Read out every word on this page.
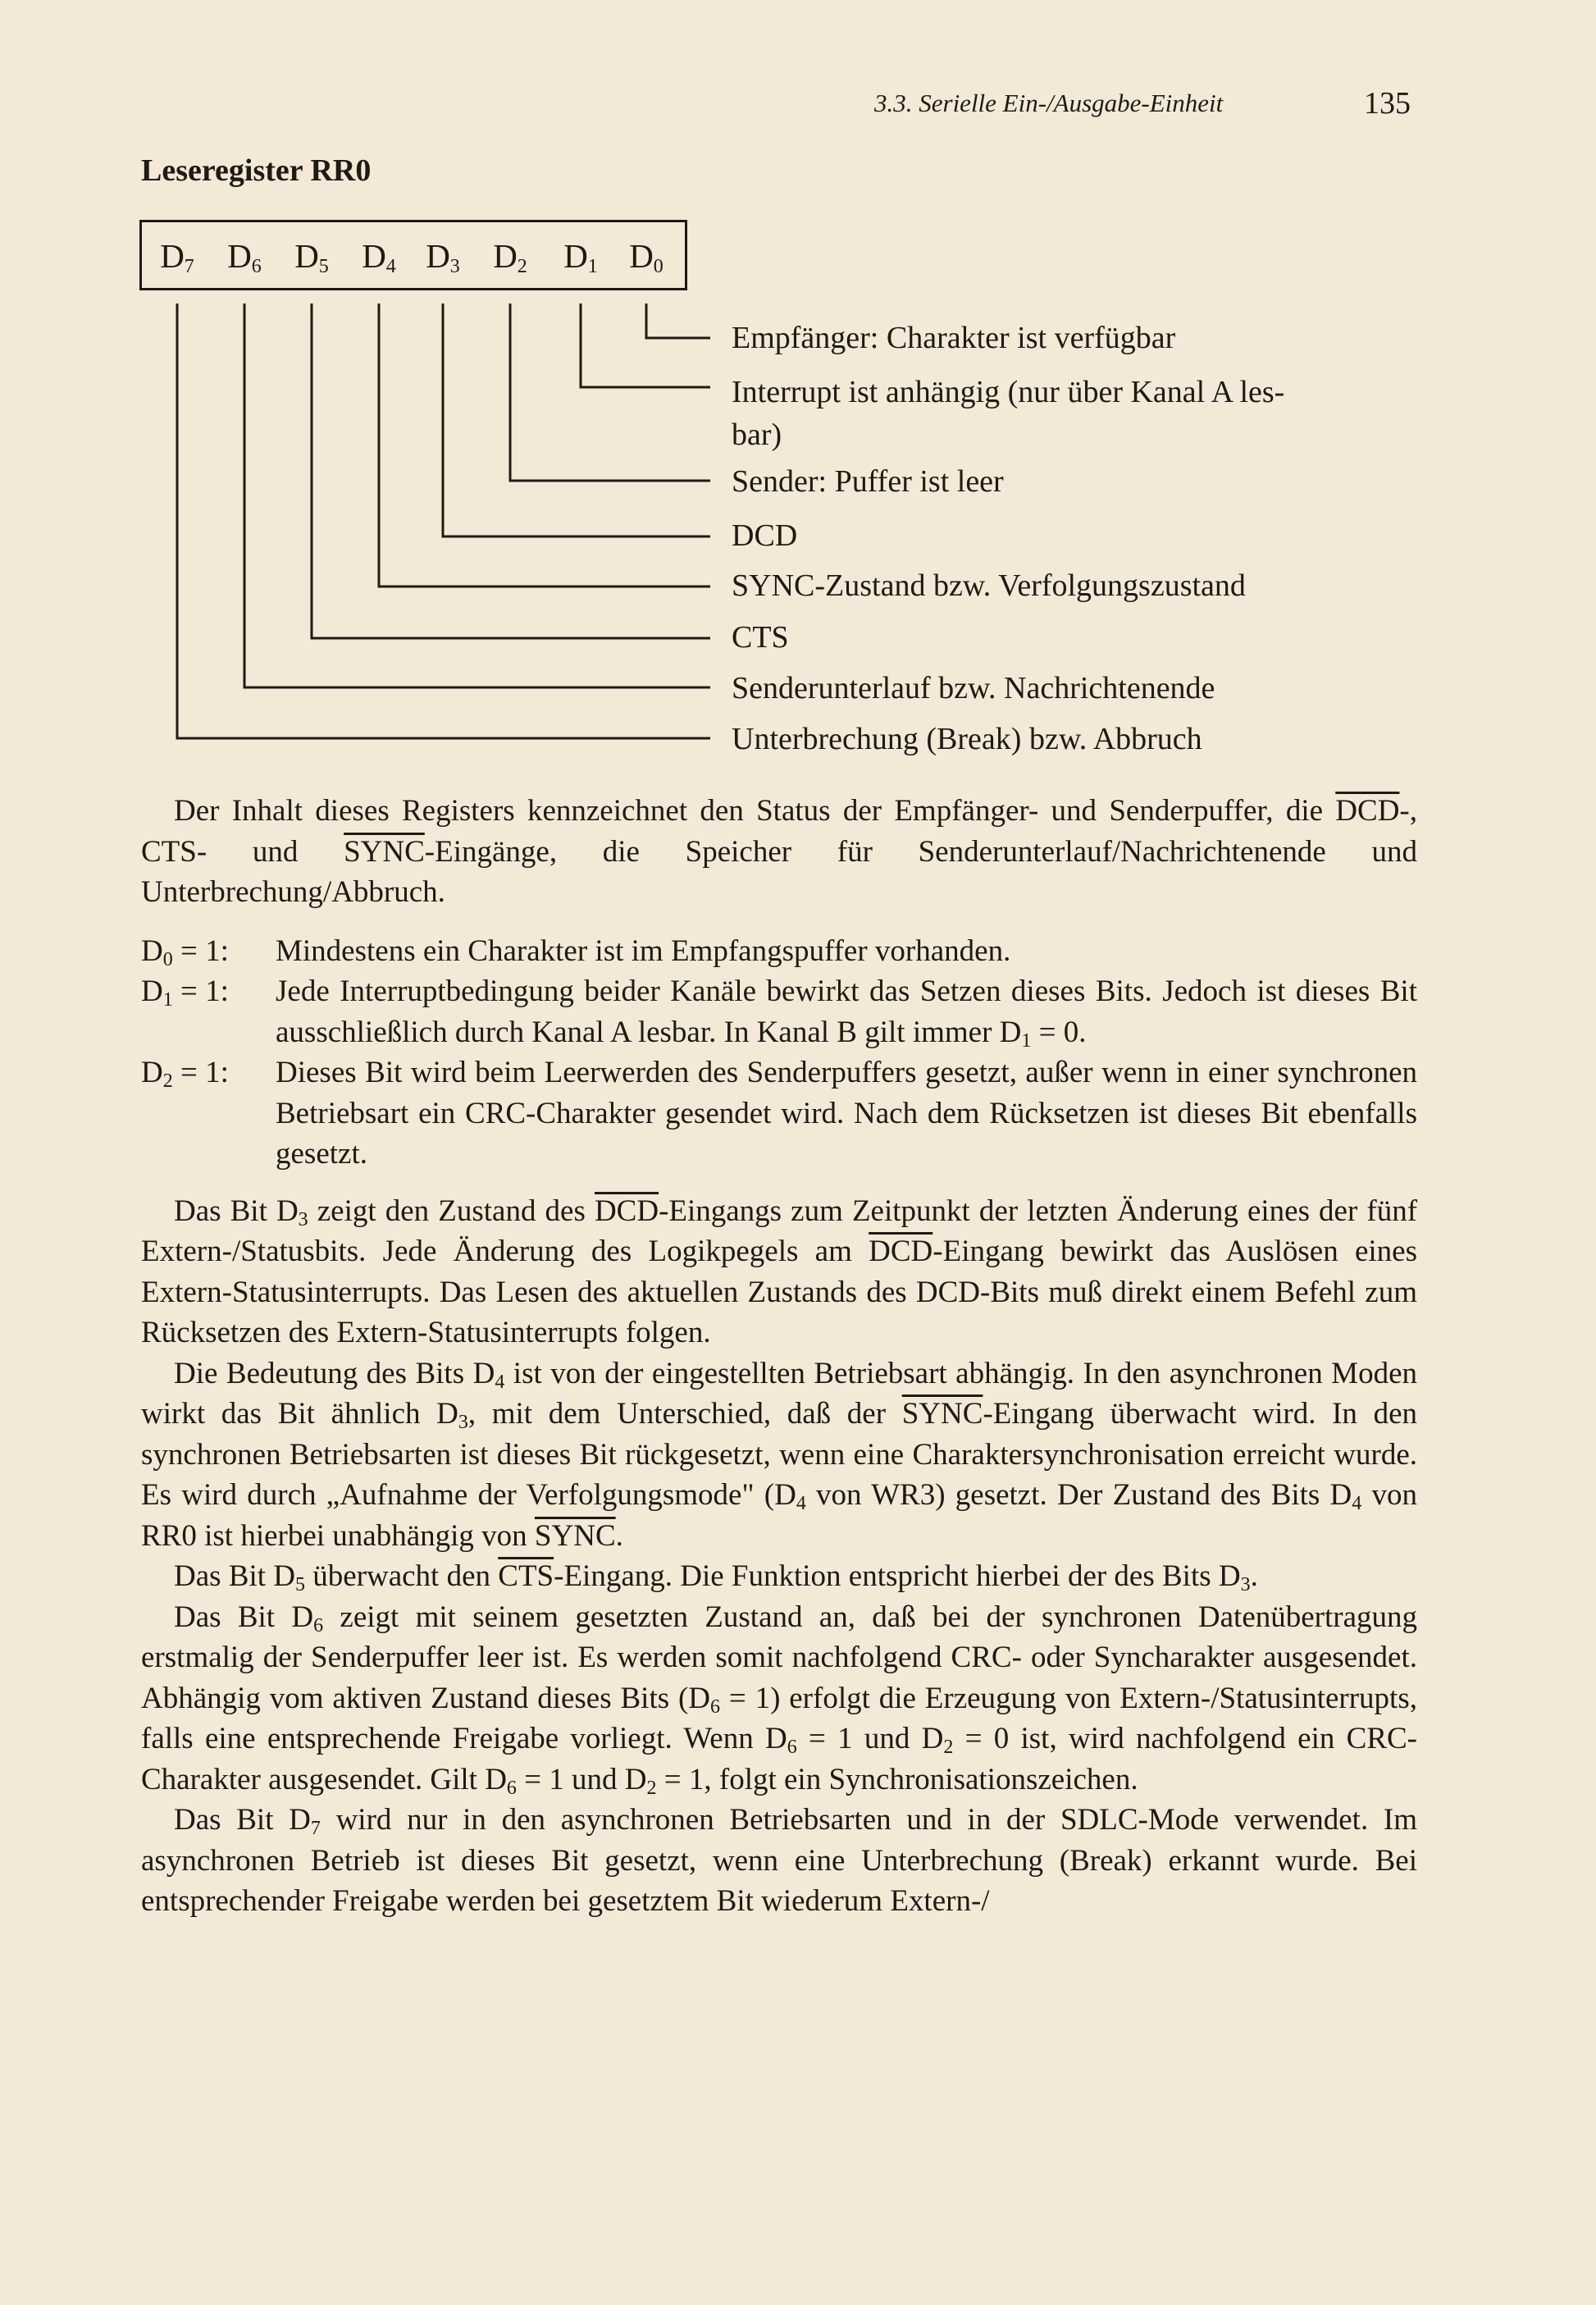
3.3. Serielle Ein-/Ausgabe-Einheit	135
Leseregister RR0
$D_7$ $D_6$ $D_5$ $D_4$ $D_3$ $D_2$ $D_1$ $D_0$
Empfänger: Charakter ist verfügbar
Interrupt ist anhängig (nur über Kanal A les-
bar)
Sender: Puffer ist leer
DCD
SYNC-Zustand bzw. Verfolgungszustand
CTS
Senderunterlauf bzw. Nachrichtenende
Unterbrechung (Break) bzw. Abbruch

Der Inhalt dieses Registers kennzeichnet den Status der Empfänger- und Senderpuffer, die $\overline{DCD}-$, CTS- und SYNC-Eingänge, die Speicher für Senderunterlauf/Nachrichtenende und Unterbrechung/Abbruch.

D0 = 1:	Mindestens ein Charakter ist im Empfangspuffer vorhanden.
D1 = 1:	Jede Interruptbedingung beider Kanäle bewirkt das Setzen dieses Bits. Jedoch ist dieses Bit ausschließlich durch Kanal A lesbar. In Kanal B gilt immer D1 = 0.
D2 = 1:	Dieses Bit wird beim Leerwerden des Senderpuffers gesetzt, außer wenn in einer synchronen Betriebsart ein CRC-Charakter gesendet wird. Nach dem Rücksetzen ist dieses Bit ebenfalls gesetzt.

Das Bit D3 zeigt den Zustand des $\overline{DCD}$-Eingangs zum Zeitpunkt der letzten Änderung eines der fünf Extern-/Statusbits. Jede Änderung des Logikpegels am $\overline{DCD}$-Eingang bewirkt das Auslösen eines Extern-Statusinterrupts. Das Lesen des aktuellen Zustands des DCD-Bits muß direkt einem Befehl zum Rücksetzen des Extern-Statusinterrupts folgen.

Die Bedeutung des Bits D4 ist von der eingestellten Betriebsart abhängig. In den asynchronen Moden wirkt das Bit ähnlich D3, mit dem Unterschied, daß der SYNC-Eingang überwacht wird. In den synchronen Betriebsarten ist dieses Bit rückgesetzt, wenn eine Charaktersynchronisation erreicht wurde. Es wird durch „Aufnahme der Verfolgungsmode" (D4 von WR3) gesetzt. Der Zustand des Bits D4 von RR0 ist hierbei unabhängig von SYNC.

Das Bit D5 überwacht den $\overline{CTS}$-Eingang. Die Funktion entspricht hierbei der des Bits D3.

Das Bit D6 zeigt mit seinem gesetzten Zustand an, daß bei der synchronen Datenübertragung erstmalig der Senderpuffer leer ist. Es werden somit nachfolgend CRC- oder Syncharakter ausgesendet. Abhängig vom aktiven Zustand dieses Bits (D6 = 1) erfolgt die Erzeugung von Extern-/Statusinterrupts, falls eine entsprechende Freigabe vorliegt. Wenn D6 = 1 und D2 = 0 ist, wird nachfolgend ein CRC-Charakter ausgesendet. Gilt D6 = 1 und D2 = 1, folgt ein Synchronisationszeichen.

Das Bit D7 wird nur in den asynchronen Betriebsarten und in der SDLC-Mode verwendet. Im asynchronen Betrieb ist dieses Bit gesetzt, wenn eine Unterbrechung (Break) erkannt wurde. Bei entsprechender Freigabe werden bei gesetztem Bit wiederum Extern-/
